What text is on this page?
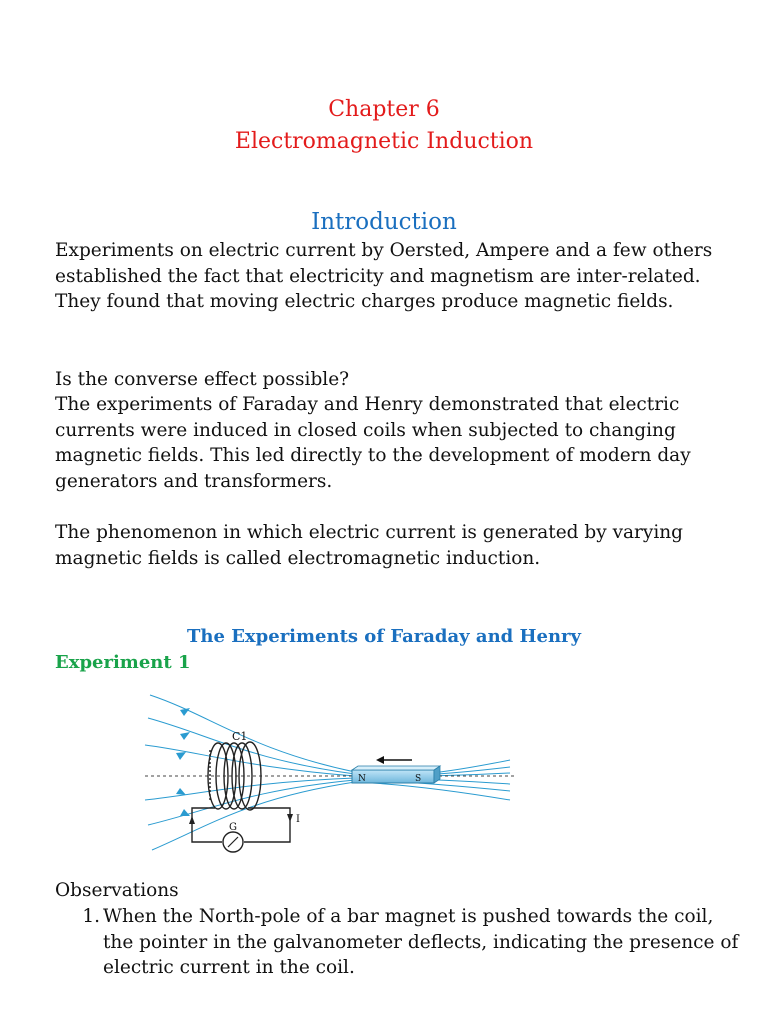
Chapter 6
Electromagnetic Induction
Introduction

Experiments on electric current by Oersted, Ampere and a few others established the fact that electricity and magnetism are inter-related. They found that moving electric charges produce magnetic fields.

Is the converse effect possible?

The experiments of Faraday and Henry demonstrated that electric currents were induced in closed coils when subjected to changing magnetic fields. This led directly to the development of modern day generators and transformers.

The phenomenon in which electric current is generated by varying magnetic fields is called electromagnetic induction.

The Experiments of Faraday and Henry
Experiment 1
C1
G
I
N	S
Observations
1. When the North-pole of a bar magnet is pushed towards the coil, the pointer in the galvanometer deflects, indicating the presence of electric current in the coil.
